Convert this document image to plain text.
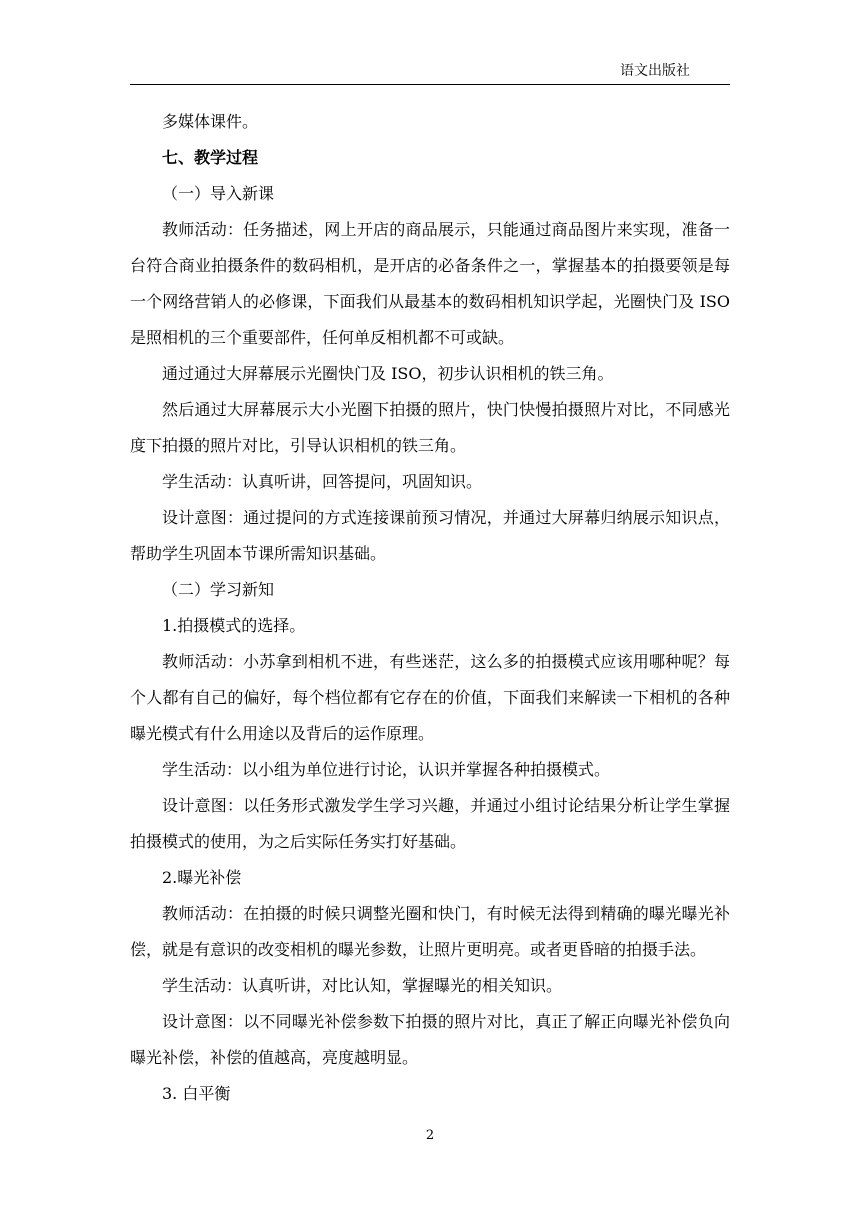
语文出版社

多媒体课件。

七、教学过程

（一）导入新课

教师活动：任务描述，网上开店的商品展示，只能通过商品图片来实现，准备一台符合商业拍摄条件的数码相机，是开店的必备条件之一，掌握基本的拍摄要领是每一个网络营销人的必修课，下面我们从最基本的数码相机知识学起，光圈快门及 ISO 是照相机的三个重要部件，任何单反相机都不可或缺。

通过通过大屏幕展示光圈快门及 ISO，初步认识相机的铁三角。

然后通过大屏幕展示大小光圈下拍摄的照片，快门快慢拍摄照片对比，不同感光度下拍摄的照片对比，引导认识相机的铁三角。

学生活动：认真听讲，回答提问，巩固知识。

设计意图：通过提问的方式连接课前预习情况，并通过大屏幕归纳展示知识点，帮助学生巩固本节课所需知识基础。

（二）学习新知

1.拍摄模式的选择。

教师活动：小苏拿到相机不进，有些迷茫，这么多的拍摄模式应该用哪种呢？每个人都有自己的偏好，每个档位都有它存在的价值，下面我们来解读一下相机的各种曝光模式有什么用途以及背后的运作原理。

学生活动：以小组为单位进行讨论，认识并掌握各种拍摄模式。

设计意图：以任务形式激发学生学习兴趣，并通过小组讨论结果分析让学生掌握拍摄模式的使用，为之后实际任务实打好基础。

2.曝光补偿

教师活动：在拍摄的时候只调整光圈和快门，有时候无法得到精确的曝光曝光补偿，就是有意识的改变相机的曝光参数，让照片更明亮。或者更昏暗的拍摄手法。

学生活动：认真听讲，对比认知，掌握曝光的相关知识。

设计意图：以不同曝光补偿参数下拍摄的照片对比，真正了解正向曝光补偿负向曝光补偿，补偿的值越高，亮度越明显。

3. 白平衡

2
